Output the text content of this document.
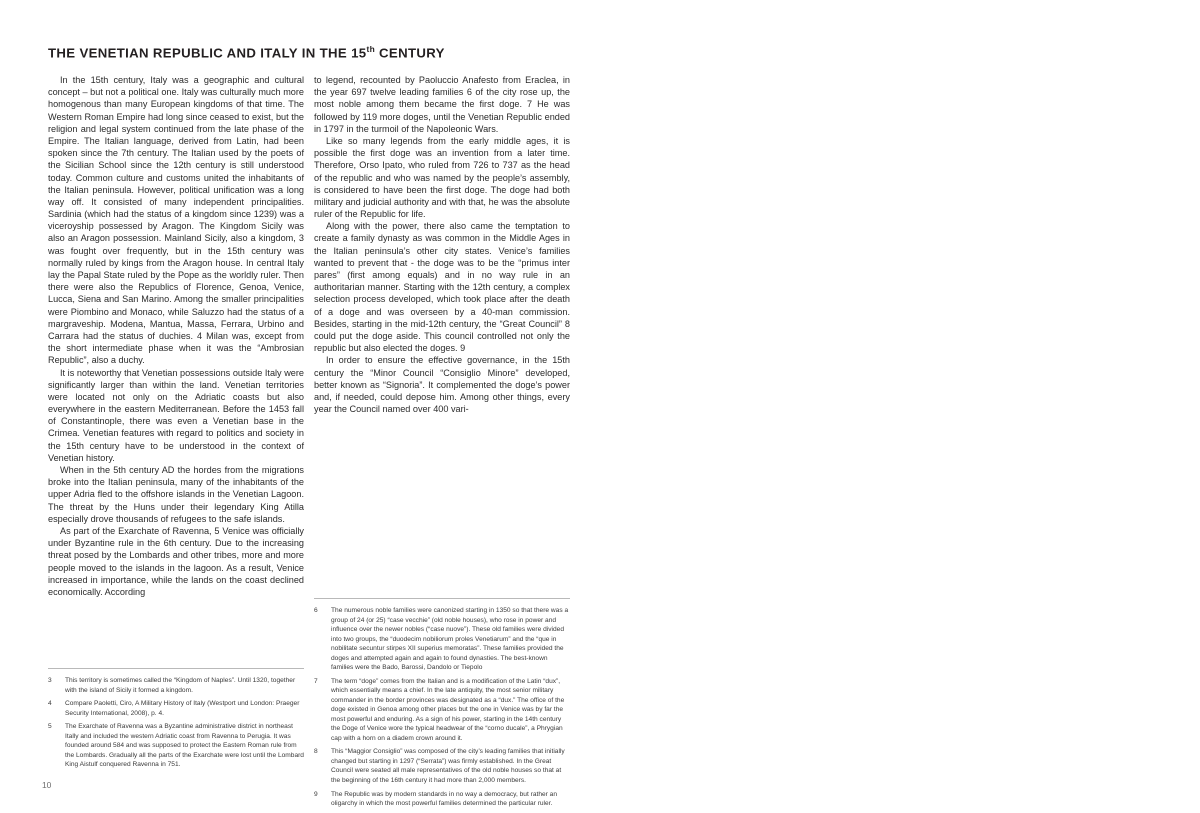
THE VENETIAN REPUBLIC AND ITALY IN THE 15th CENTURY

In the 15th century, Italy was a geographic and cultural concept – but not a political one. Italy was culturally much more homogenous than many European kingdoms of that time. The Western Roman Empire had long since ceased to exist, but the religion and legal system continued from the late phase of the Empire. The Italian language, derived from Latin, had been spoken since the 7th century. The Italian used by the poets of the Sicilian School since the 12th century is still understood today. Common culture and customs united the inhabitants of the Italian peninsula. However, political unification was a long way off. It consisted of many independent principalities. Sardinia (which had the status of a kingdom since 1239) was a viceroyship possessed by Aragon. The Kingdom Sicily was also an Aragon possession. Mainland Sicily, also a kingdom, 3 was fought over frequently, but in the 15th century was normally ruled by kings from the Aragon house. In central Italy lay the Papal State ruled by the Pope as the worldly ruler. Then there were also the Republics of Florence, Genoa, Venice, Lucca, Siena and San Marino. Among the smaller principalities were Piombino and Monaco, while Saluzzo had the status of a margraveship. Modena, Mantua, Massa, Ferrara, Urbino and Carrara had the status of duchies. 4 Milan was, except from the short intermediate phase when it was the “Ambrosian Republic”, also a duchy.

It is noteworthy that Venetian possessions outside Italy were significantly larger than within the land. Venetian territories were located not only on the Adriatic coasts but also everywhere in the eastern Mediterranean. Before the 1453 fall of Constantinople, there was even a Venetian base in the Crimea. Venetian features with regard to politics and society in the 15th century have to be understood in the context of Venetian history.

When in the 5th century AD the hordes from the migrations broke into the Italian peninsula, many of the inhabitants of the upper Adria fled to the offshore islands in the Venetian Lagoon. The threat by the Huns under their legendary King Atilla especially drove thousands of refugees to the safe islands.

As part of the Exarchate of Ravenna, 5 Venice was officially under Byzantine rule in the 6th century. Due to the increasing threat posed by the Lombards and other tribes, more and more people moved to the islands in the lagoon. As a result, Venice increased in importance, while the lands on the coast declined economically. According

to legend, recounted by Paoluccio Anafesto from Eraclea, in the year 697 twelve leading families 6 of the city rose up, the most noble among them became the first doge. 7 He was followed by 119 more doges, until the Venetian Republic ended in 1797 in the turmoil of the Napoleonic Wars.

Like so many legends from the early middle ages, it is possible the first doge was an invention from a later time. Therefore, Orso Ipato, who ruled from 726 to 737 as the head of the republic and who was named by the people’s assembly, is considered to have been the first doge. The doge had both military and judicial authority and with that, he was the absolute ruler of the Republic for life.

Along with the power, there also came the temptation to create a family dynasty as was common in the Middle Ages in the Italian peninsula’s other city states. Venice’s families wanted to prevent that - the doge was to be the “primus inter pares” (first among equals) and in no way rule in an authoritarian manner. Starting with the 12th century, a complex selection process developed, which took place after the death of a doge and was overseen by a 40-man commission. Besides, starting in the mid-12th century, the “Great Council” 8 could put the doge aside. This council controlled not only the republic but also elected the doges. 9

In order to ensure the effective governance, in the 15th century the “Minor Council “Consiglio Minore” developed, better known as “Signoria”. It complemented the doge’s power and, if needed, could depose him. Among other things, every year the Council named over 400 vari-

3	This territory is sometimes called the “Kingdom of Naples”. Until 1320, together with the island of Sicily it formed a kingdom.
4	Compare Paoletti, Ciro, A Military History of Italy (Westport und London: Praeger Security International, 2008), p. 4.
5	The Exarchate of Ravenna was a Byzantine administrative district in northeast Itally and included the western Adriatic coast from Ravenna to Perugia. It was founded around 584 and was supposed to protect the Eastern Roman rule from the Lombards. Gradually all the parts of the Exarchate were lost until the Lombard King Aistulf conquered Ravenna in 751.
6	The numerous noble families were canonized starting in 1350 so that there was a group of 24 (or 25) “case vecchie” (old noble houses), who rose in power and influence over the newer nobles (“case nuove”). These old families were divided into two groups, the “duodecim nobiliorum proles Venetiarum” and the “que in nobilitate secuntur stirpes XII superius memoratas”. These families provided the doges and attempted again and again to found dynasties. The best-known families were the Bado, Barossi, Dandolo or Tiepolo
7	The term “doge” comes from the Italian and is a modification of the Latin “dux”, which essentially means a chief. In the late antiquity, the most senior military commander in the border provinces was designated as a “dux.” The office of the doge existed in Genoa among other places but the one in Venice was by far the most powerful and enduring. As a sign of his power, starting in the 14th century the Doge of Venice wore the typical headwear of the “corno ducale”, a Phrygian cap with a horn on a diadem crown around it.
8	This “Maggior Consiglio” was composed of the city’s leading families that initially changed but starting in 1297 (“Serrata”) was firmly established. In the Great Council were seated all male representatives of the old noble houses so that at the beginning of the 16th century it had more than 2,000 members.
9	The Republic was by modern standards in no way a democracy, but rather an oligarchy in which the most powerful families determined the particular ruler.
10
